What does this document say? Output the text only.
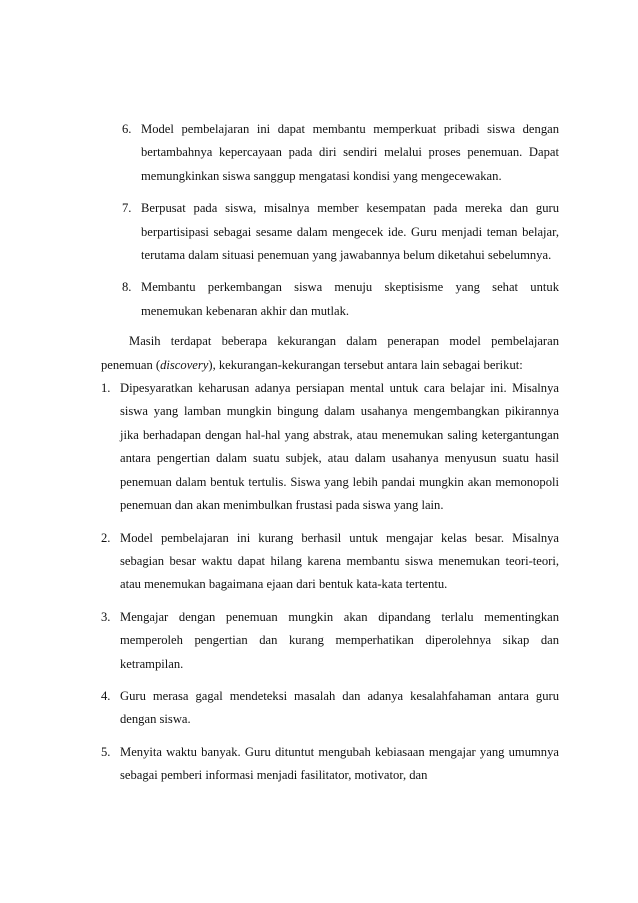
6. Model pembelajaran ini dapat membantu memperkuat pribadi siswa dengan bertambahnya kepercayaan pada diri sendiri melalui proses penemuan. Dapat memungkinkan siswa sanggup mengatasi kondisi yang mengecewakan.
7. Berpusat pada siswa, misalnya member kesempatan pada mereka dan guru berpartisipasi sebagai sesame dalam mengecek ide. Guru menjadi teman belajar, terutama dalam situasi penemuan yang jawabannya belum diketahui sebelumnya.
8. Membantu perkembangan siswa menuju skeptisisme yang sehat untuk menemukan kebenaran akhir dan mutlak.

Masih terdapat beberapa kekurangan dalam penerapan model pembelajaran penemuan (discovery), kekurangan-kekurangan tersebut antara lain sebagai berikut:

1. Dipesyaratkan keharusan adanya persiapan mental untuk cara belajar ini. Misalnya siswa yang lamban mungkin bingung dalam usahanya mengembangkan pikirannya jika berhadapan dengan hal-hal yang abstrak, atau menemukan saling ketergantungan antara pengertian dalam suatu subjek, atau dalam usahanya menyusun suatu hasil penemuan dalam bentuk tertulis. Siswa yang lebih pandai mungkin akan memonopoli penemuan dan akan menimbulkan frustasi pada siswa yang lain.
2. Model pembelajaran ini kurang berhasil untuk mengajar kelas besar. Misalnya sebagian besar waktu dapat hilang karena membantu siswa menemukan teori-teori, atau menemukan bagaimana ejaan dari bentuk kata-kata tertentu.
3. Mengajar dengan penemuan mungkin akan dipandang terlalu mementingkan memperoleh pengertian dan kurang memperhatikan diperolehnya sikap dan ketrampilan.
4. Guru merasa gagal mendeteksi masalah dan adanya kesalahfahaman antara guru dengan siswa.
5. Menyita waktu banyak. Guru dituntut mengubah kebiasaan mengajar yang umumnya sebagai pemberi informasi menjadi fasilitator, motivator, dan
